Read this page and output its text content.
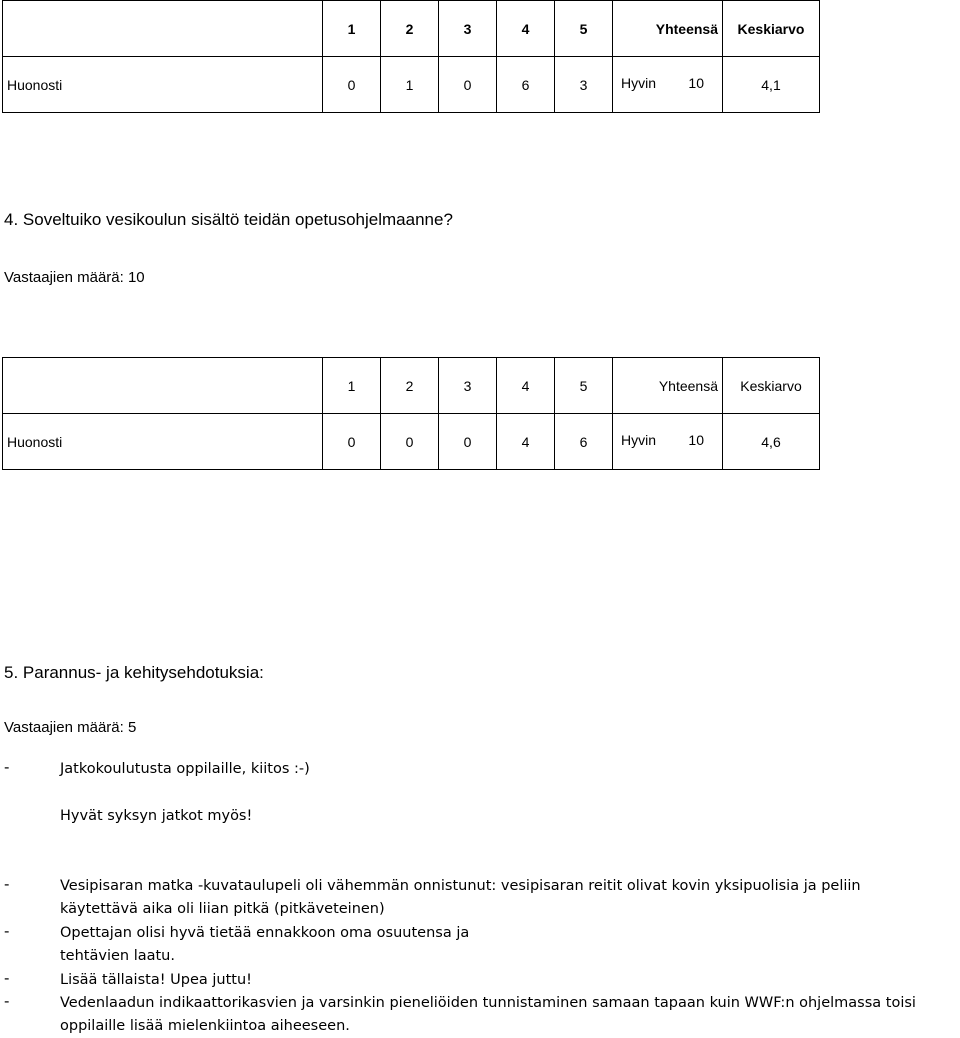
	1	2	3	4	5	Yhteensä	Keskiarvo
Huonosti	0	1	0	6	3	Hyvin 10	4,1
4. Soveltuiko vesikoulun sisältö teidän opetusohjelmaanne?
Vastaajien määrä: 10
	1	2	3	4	5	Yhteensä	Keskiarvo
Huonosti	0	0	0	4	6	Hyvin 10	4,6
5. Parannus- ja kehitysehdotuksia:
Vastaajien määrä: 5
-	Jatkokoulutusta oppilaille, kiitos :-)
Hyvät syksyn jatkot myös!
-	Vesipisaran matka -kuvataulupeli oli vähemmän onnistunut: vesipisaran reitit olivat kovin yksipuolisia ja peliin käytettävä aika oli liian pitkä (pitkäveteinen)
-	Opettajan olisi hyvä tietää ennakkoon oma osuutensa ja tehtävien laatu.
-	Lisää tällaista! Upea juttu!
-	Vedenlaadun indikaattorikasvien ja varsinkin pieneliöiden tunnistaminen samaan tapaan kuin WWF:n ohjelmassa toisi oppilaille lisää mielenkiintoa aiheeseen.
